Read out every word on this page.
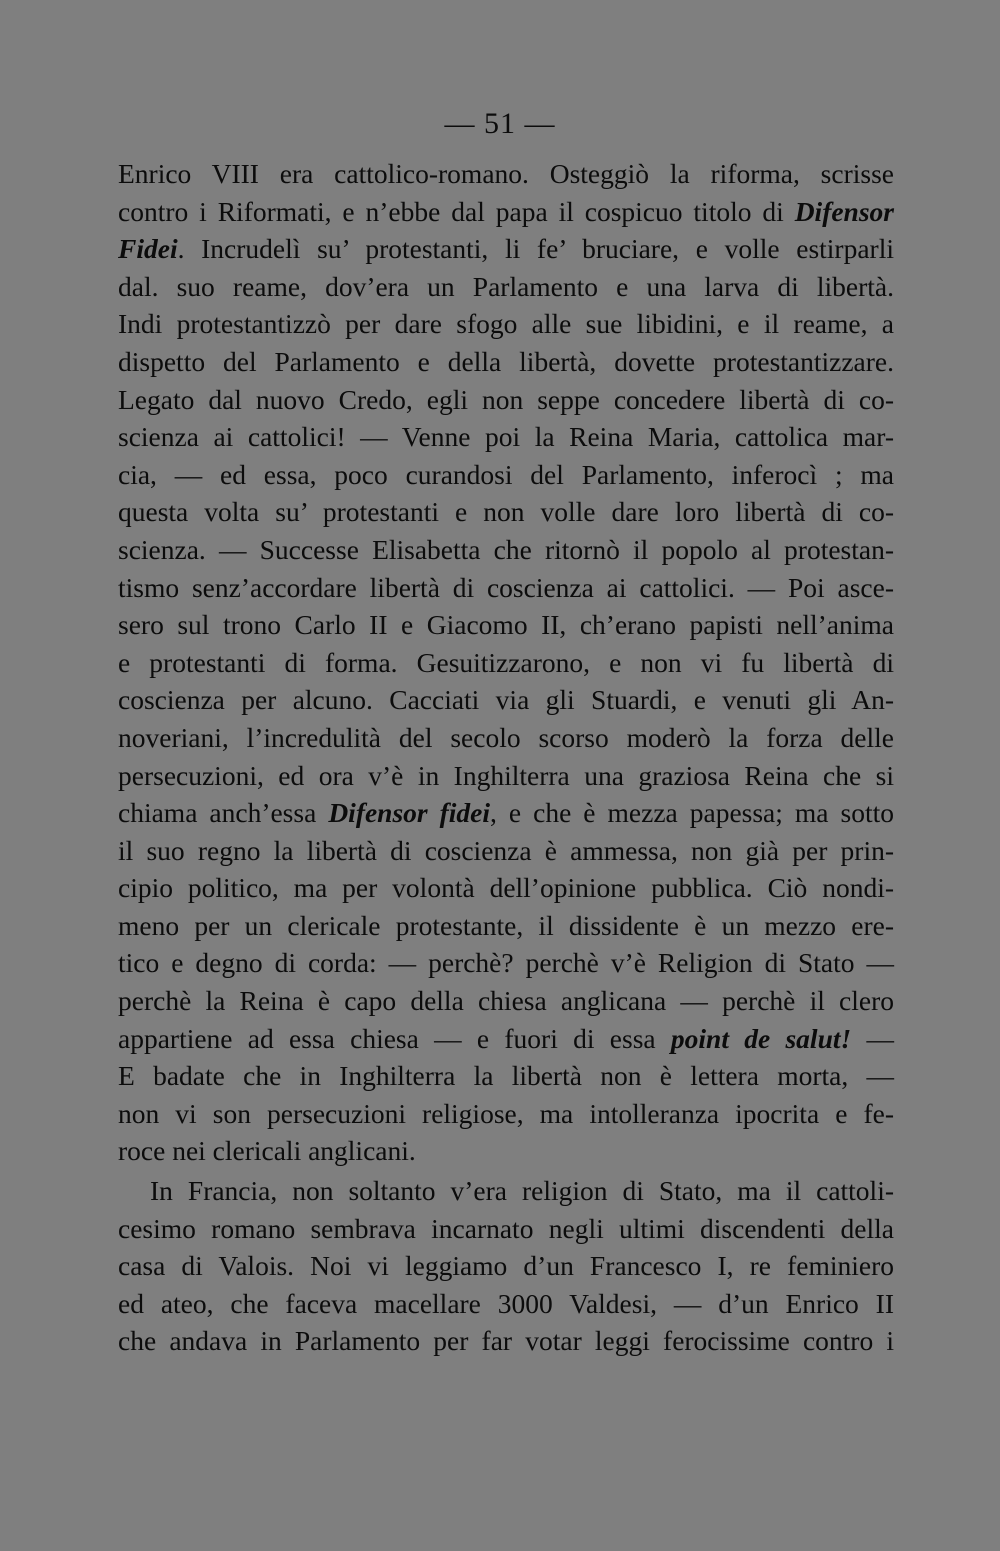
— 51 —
Enrico VIII era cattolico-romano. Osteggiò la riforma, scrisse
contro i Riformati, e n’ebbe dal papa il cospicuo titolo di Difensor
Fidei. Incrudelì su’ protestanti, li fe’ bruciare, e volle estirparli
dal. suo reame, dov’era un Parlamento e una larva di libertà.
Indi protestantizzò per dare sfogo alle sue libidini, e il reame, a
dispetto del Parlamento e della libertà, dovette protestantizzare.
Legato dal nuovo Credo, egli non seppe concedere libertà di co-
scienza ai cattolici! — Venne poi la Reina Maria, cattolica mar-
cia, — ed essa, poco curandosi del Parlamento, inferocì ; ma
questa volta su’ protestanti e non volle dare loro libertà di co-
scienza. — Successe Elisabetta che ritornò il popolo al protestan-
tismo senz’accordare libertà di coscienza ai cattolici. — Poi asce-
sero sul trono Carlo II e Giacomo II, ch’erano papisti nell’anima
e protestanti di forma. Gesuitizzarono, e non vi fu libertà di
coscienza per alcuno. Cacciati via gli Stuardi, e venuti gli An-
noveriani, l’incredulità del secolo scorso moderò la forza delle
persecuzioni, ed ora v’è in Inghilterra una graziosa Reina che si
chiama anch’essa Difensor fidei, e che è mezza papessa; ma sotto
il suo regno la libertà di coscienza è ammessa, non già per prin-
cipio politico, ma per volontà dell’opinione pubblica. Ciò nondi-
meno per un clericale protestante, il dissidente è un mezzo ere-
tico e degno di corda: — perchè? perchè v’è Religion di Stato —
perchè la Reina è capo della chiesa anglicana — perchè il clero
appartiene ad essa chiesa — e fuori di essa point de salut! —
E badate che in Inghilterra la libertà non è lettera morta, —
non vi son persecuzioni religiose, ma intolleranza ipocrita e fe-
roce nei clericali anglicani.
In Francia, non soltanto v’era religion di Stato, ma il cattoli-
cesimo romano sembrava incarnato negli ultimi discendenti della
casa di Valois. Noi vi leggiamo d’un Francesco I, re feminiero
ed ateo, che faceva macellare 3000 Valdesi, — d’un Enrico II
che andava in Parlamento per far votar leggi ferocissime contro i
